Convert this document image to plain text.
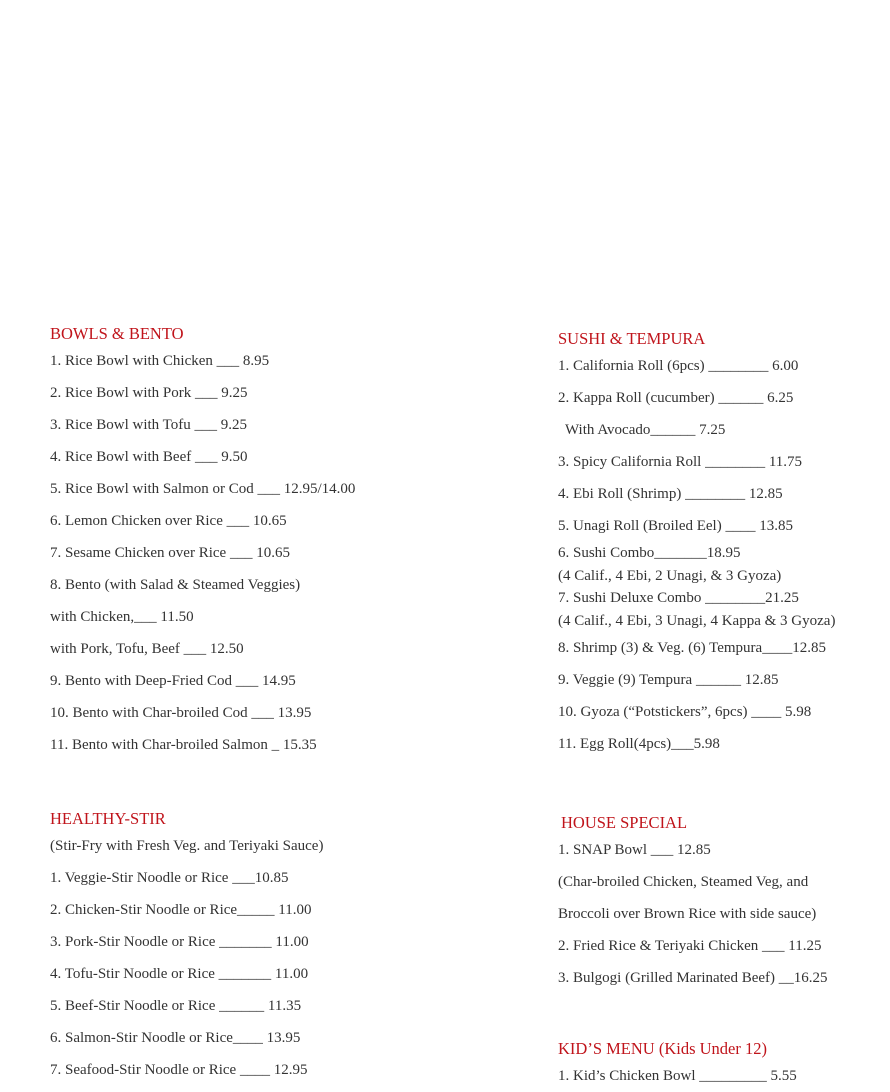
BOWLS & BENTO
1. Rice Bowl with Chicken ___ 8.95
2. Rice Bowl with Pork ___ 9.25
3. Rice Bowl with Tofu ___ 9.25
4. Rice Bowl with Beef ___ 9.50
5. Rice Bowl with Salmon or Cod ___ 12.95/14.00
6. Lemon Chicken over Rice ___ 10.65
7. Sesame Chicken over Rice ___ 10.65
8. Bento (with Salad & Steamed Veggies)
with Chicken,___ 11.50
with Pork, Tofu, Beef ___ 12.50
9. Bento with Deep-Fried Cod ___ 14.95
10. Bento with Char-broiled Cod ___ 13.95
11. Bento with Char-broiled Salmon _ 15.35
HEALTHY-STIR
(Stir-Fry with Fresh Veg. and Teriyaki Sauce)
1. Veggie-Stir Noodle or Rice ___10.85
2. Chicken-Stir Noodle or Rice_____ 11.00
3. Pork-Stir Noodle or Rice _______ 11.00
4. Tofu-Stir Noodle or Rice _______ 11.00
5. Beef-Stir Noodle or Rice ______ 11.35
6. Salmon-Stir Noodle or Rice____ 13.95
7. Seafood-Stir Noodle or Rice ____ 12.95
SUSHI & TEMPURA
1. California Roll (6pcs) ________ 6.00
2. Kappa Roll (cucumber) ______ 6.25
With Avocado______ 7.25
3. Spicy California Roll ________ 11.75
4. Ebi Roll (Shrimp) ________ 12.85
5. Unagi Roll (Broiled Eel) ____ 13.85
6. Sushi Combo_______18.95
(4 Calif., 4 Ebi, 2 Unagi, & 3 Gyoza)
7. Sushi Deluxe Combo ________21.25
(4 Calif., 4 Ebi, 3 Unagi, 4 Kappa & 3 Gyoza)
8. Shrimp (3) & Veg. (6) Tempura____12.85
9. Veggie (9) Tempura ______ 12.85
10. Gyoza (“Potstickers”, 6pcs) ____ 5.98
11. Egg Roll(4pcs)___5.98
HOUSE SPECIAL
1. SNAP Bowl ___ 12.85
(Char-broiled Chicken, Steamed Veg, and
Broccoli over Brown Rice with side sauce)
2. Fried Rice & Teriyaki Chicken ___ 11.25
3. Bulgogi (Grilled Marinated Beef) __16.25
KID’S MENU (Kids Under 12)
1. Kid’s Chicken Bowl _________ 5.55
